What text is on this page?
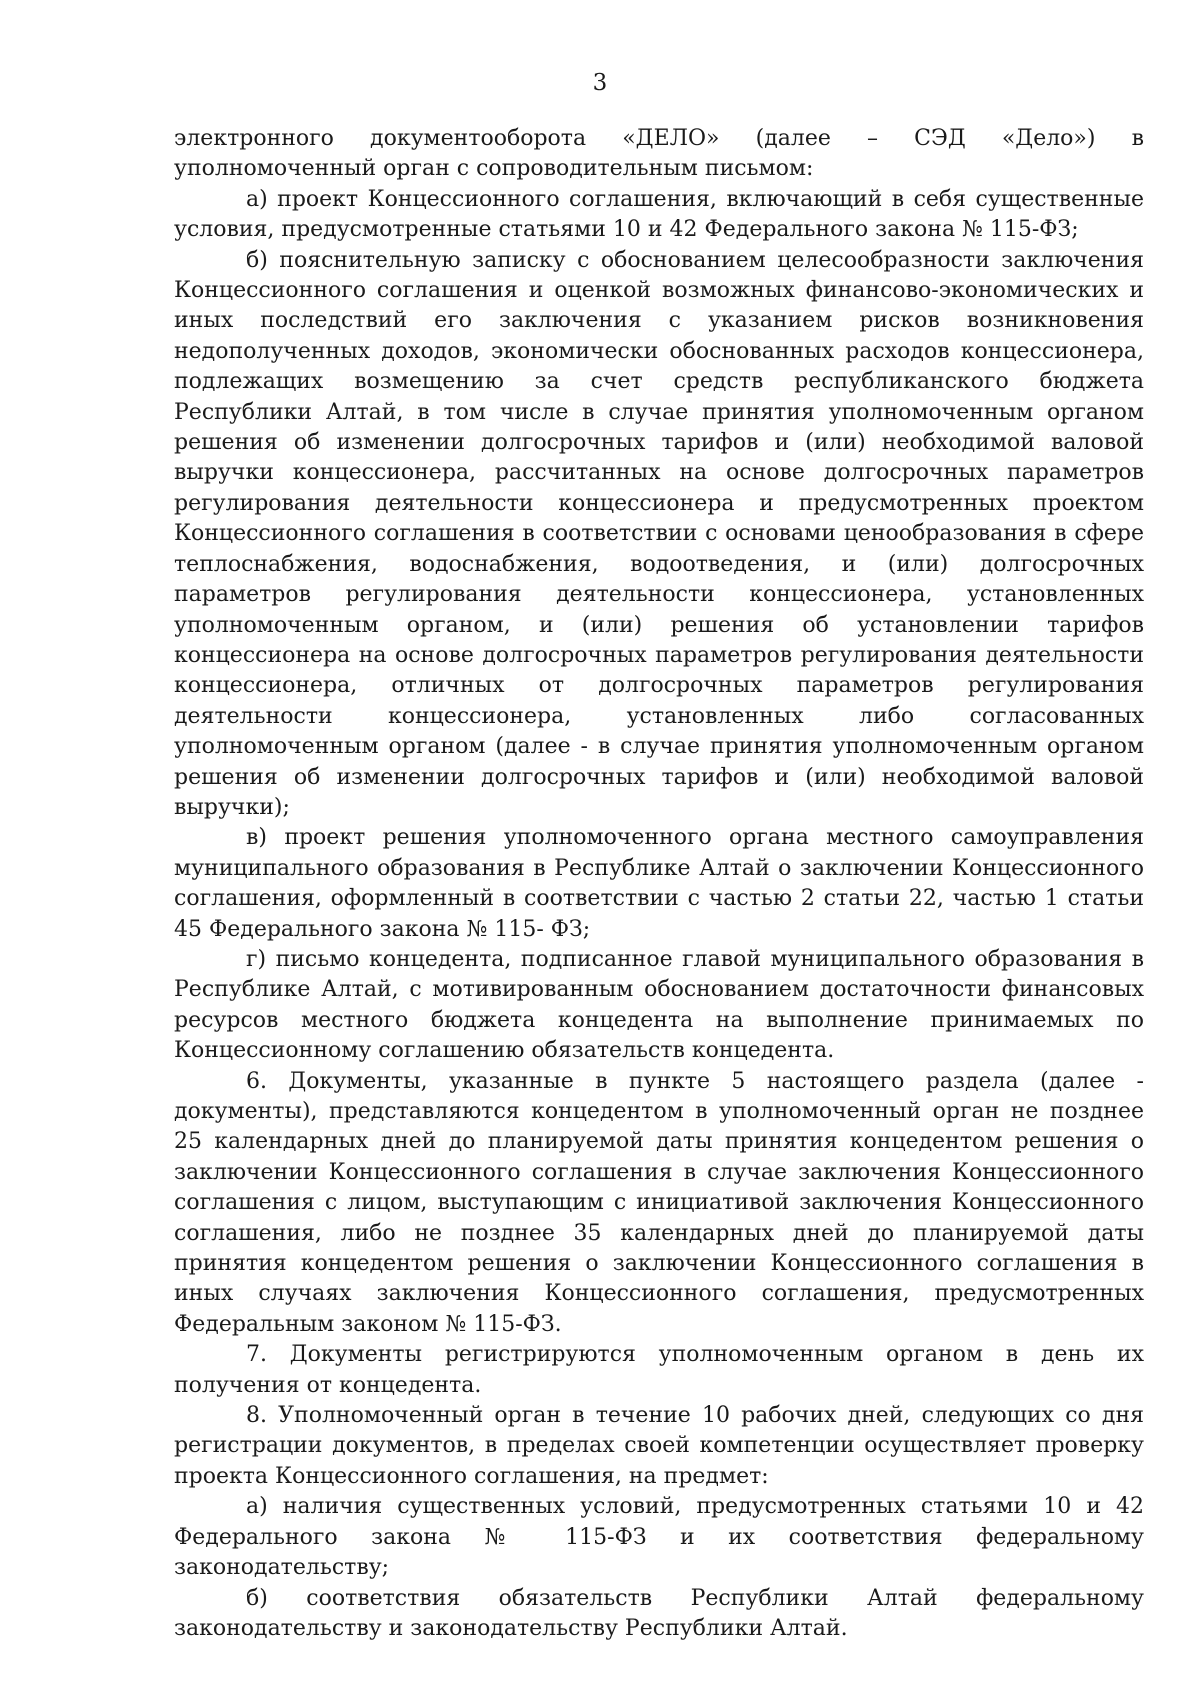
3

электронного документооборота «ДЕЛО» (далее – СЭД «Дело») в уполномоченный орган с сопроводительным письмом:

а) проект Концессионного соглашения, включающий в себя существенные условия, предусмотренные статьями 10 и 42 Федерального закона № 115-ФЗ;

б) пояснительную записку с обоснованием целесообразности заключения Концессионного соглашения и оценкой возможных финансово-экономических и иных последствий его заключения с указанием рисков возникновения недополученных доходов, экономически обоснованных расходов концессионера, подлежащих возмещению за счет средств республиканского бюджета Республики Алтай, в том числе в случае принятия уполномоченным органом решения об изменении долгосрочных тарифов и (или) необходимой валовой выручки концессионера, рассчитанных на основе долгосрочных параметров регулирования деятельности концессионера и предусмотренных проектом Концессионного соглашения в соответствии с основами ценообразования в сфере теплоснабжения, водоснабжения, водоотведения, и (или) долгосрочных параметров регулирования деятельности концессионера, установленных уполномоченным органом, и (или) решения об установлении тарифов концессионера на основе долгосрочных параметров регулирования деятельности концессионера, отличных от долгосрочных параметров регулирования деятельности концессионера, установленных либо согласованных уполномоченным органом (далее - в случае принятия уполномоченным органом решения об изменении долгосрочных тарифов и (или) необходимой валовой выручки);

в) проект решения уполномоченного органа местного самоуправления муниципального образования в Республике Алтай о заключении Концессионного соглашения, оформленный в соответствии с частью 2 статьи 22, частью 1 статьи 45 Федерального закона № 115- ФЗ;

г) письмо концедента, подписанное главой муниципального образования в Республике Алтай, с мотивированным обоснованием достаточности финансовых ресурсов местного бюджета концедента на выполнение принимаемых по Концессионному соглашению обязательств концедента.

6. Документы, указанные в пункте 5 настоящего раздела (далее - документы), представляются концедентом в уполномоченный орган не позднее 25 календарных дней до планируемой даты принятия концедентом решения о заключении Концессионного соглашения в случае заключения Концессионного соглашения с лицом, выступающим с инициативой заключения Концессионного соглашения, либо не позднее 35 календарных дней до планируемой даты принятия концедентом решения о заключении Концессионного соглашения в иных случаях заключения Концессионного соглашения, предусмотренных Федеральным законом № 115-ФЗ.

7. Документы регистрируются уполномоченным органом в день их получения от концедента.

8. Уполномоченный орган в течение 10 рабочих дней, следующих со дня регистрации документов, в пределах своей компетенции осуществляет проверку проекта Концессионного соглашения, на предмет:

а) наличия существенных условий, предусмотренных статьями 10 и 42 Федерального закона № 115-ФЗ и их соответствия федеральному законодательству;

б) соответствия обязательств Республики Алтай федеральному законодательству и законодательству Республики Алтай.
